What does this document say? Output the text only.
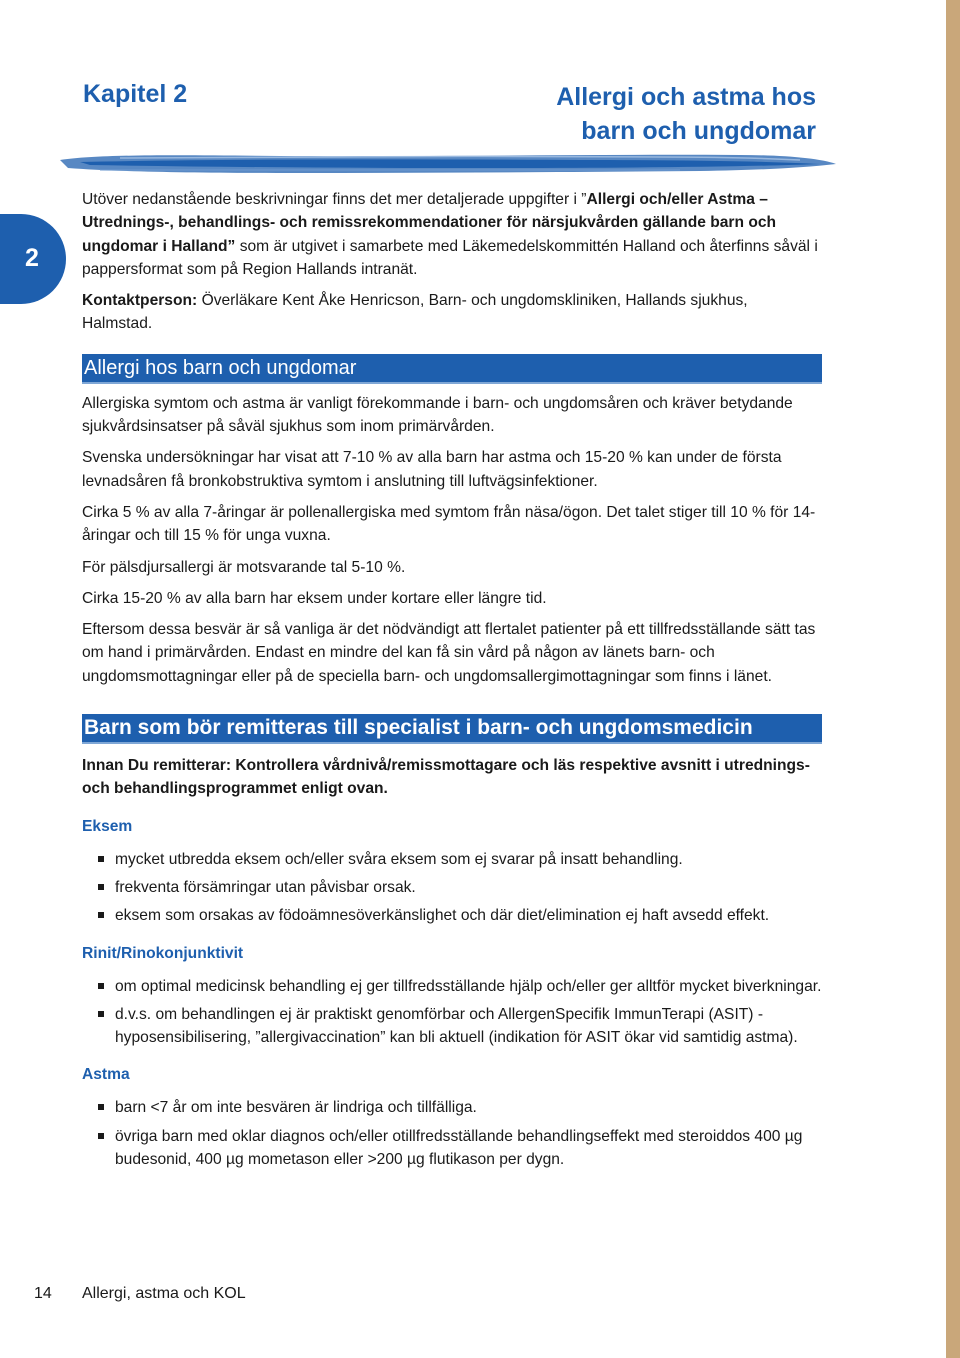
Kapitel 2	Allergi och astma hos
barn och ungdomar
2

Utöver nedanstående beskrivningar finns det mer detaljerade uppgifter i ”Allergi och/eller Astma – Utrednings-, behandlings- och remissrekommendationer för närsjukvården gällande barn och ungdomar i Halland” som är utgivet i samarbete med Läkemedelskommittén Halland och återfinns såväl i pappersformat som på Region Hallands intranät.

Kontaktperson: Överläkare Kent Åke Henricson, Barn- och ungdomskliniken, Hallands sjukhus, Halmstad.

Allergi hos barn och ungdomar

Allergiska symtom och astma är vanligt förekommande i barn- och ungdomsåren och kräver betydande sjukvårdsinsatser på såväl sjukhus som inom primärvården.

Svenska undersökningar har visat att 7-10 % av alla barn har astma och 15-20 % kan under de första levnadsåren få bronkobstruktiva symtom i anslutning till luftvägsinfektioner.

Cirka 5 % av alla 7-åringar är pollenallergiska med symtom från näsa/ögon. Det talet stiger till 10 % för 14-åringar och till 15 % för unga vuxna.

För pälsdjursallergi är motsvarande tal 5-10 %.

Cirka 15-20 % av alla barn har eksem under kortare eller längre tid.

Eftersom dessa besvär är så vanliga är det nödvändigt att flertalet patienter på ett tillfredsställande sätt tas om hand i primärvården. Endast en mindre del kan få sin vård på någon av länets barn- och ungdomsmottagningar eller på de speciella barn- och ungdomsallergimottagningar som finns i länet.

Barn som bör remitteras till specialist i barn- och ungdomsmedicin

Innan Du remitterar: Kontrollera vårdnivå/remissmottagare och läs respektive avsnitt i utrednings- och behandlingsprogrammet enligt ovan.

Eksem
mycket utbredda eksem och/eller svåra eksem som ej svarar på insatt behandling.
frekventa försämringar utan påvisbar orsak.
eksem som orsakas av födoämnesöverkänslighet och där diet/elimination ej haft avsedd effekt.
Rinit/Rinokonjunktivit
om optimal medicinsk behandling ej ger tillfredsställande hjälp och/eller ger alltför mycket biverkningar.
d.v.s. om behandlingen ej är praktiskt genomförbar och AllergenSpecifik ImmunTerapi (ASIT) - hyposensibilisering, ”allergivaccination” kan bli aktuell (indikation för ASIT ökar vid samtidig astma).
Astma
barn <7 år om inte besvären är lindriga och tillfälliga.
övriga barn med oklar diagnos och/eller otillfredsställande behandlingseffekt med steroiddos 400 µg budesonid, 400 µg mometason eller >200 µg flutikason per dygn.
14 Allergi, astma och KOL
